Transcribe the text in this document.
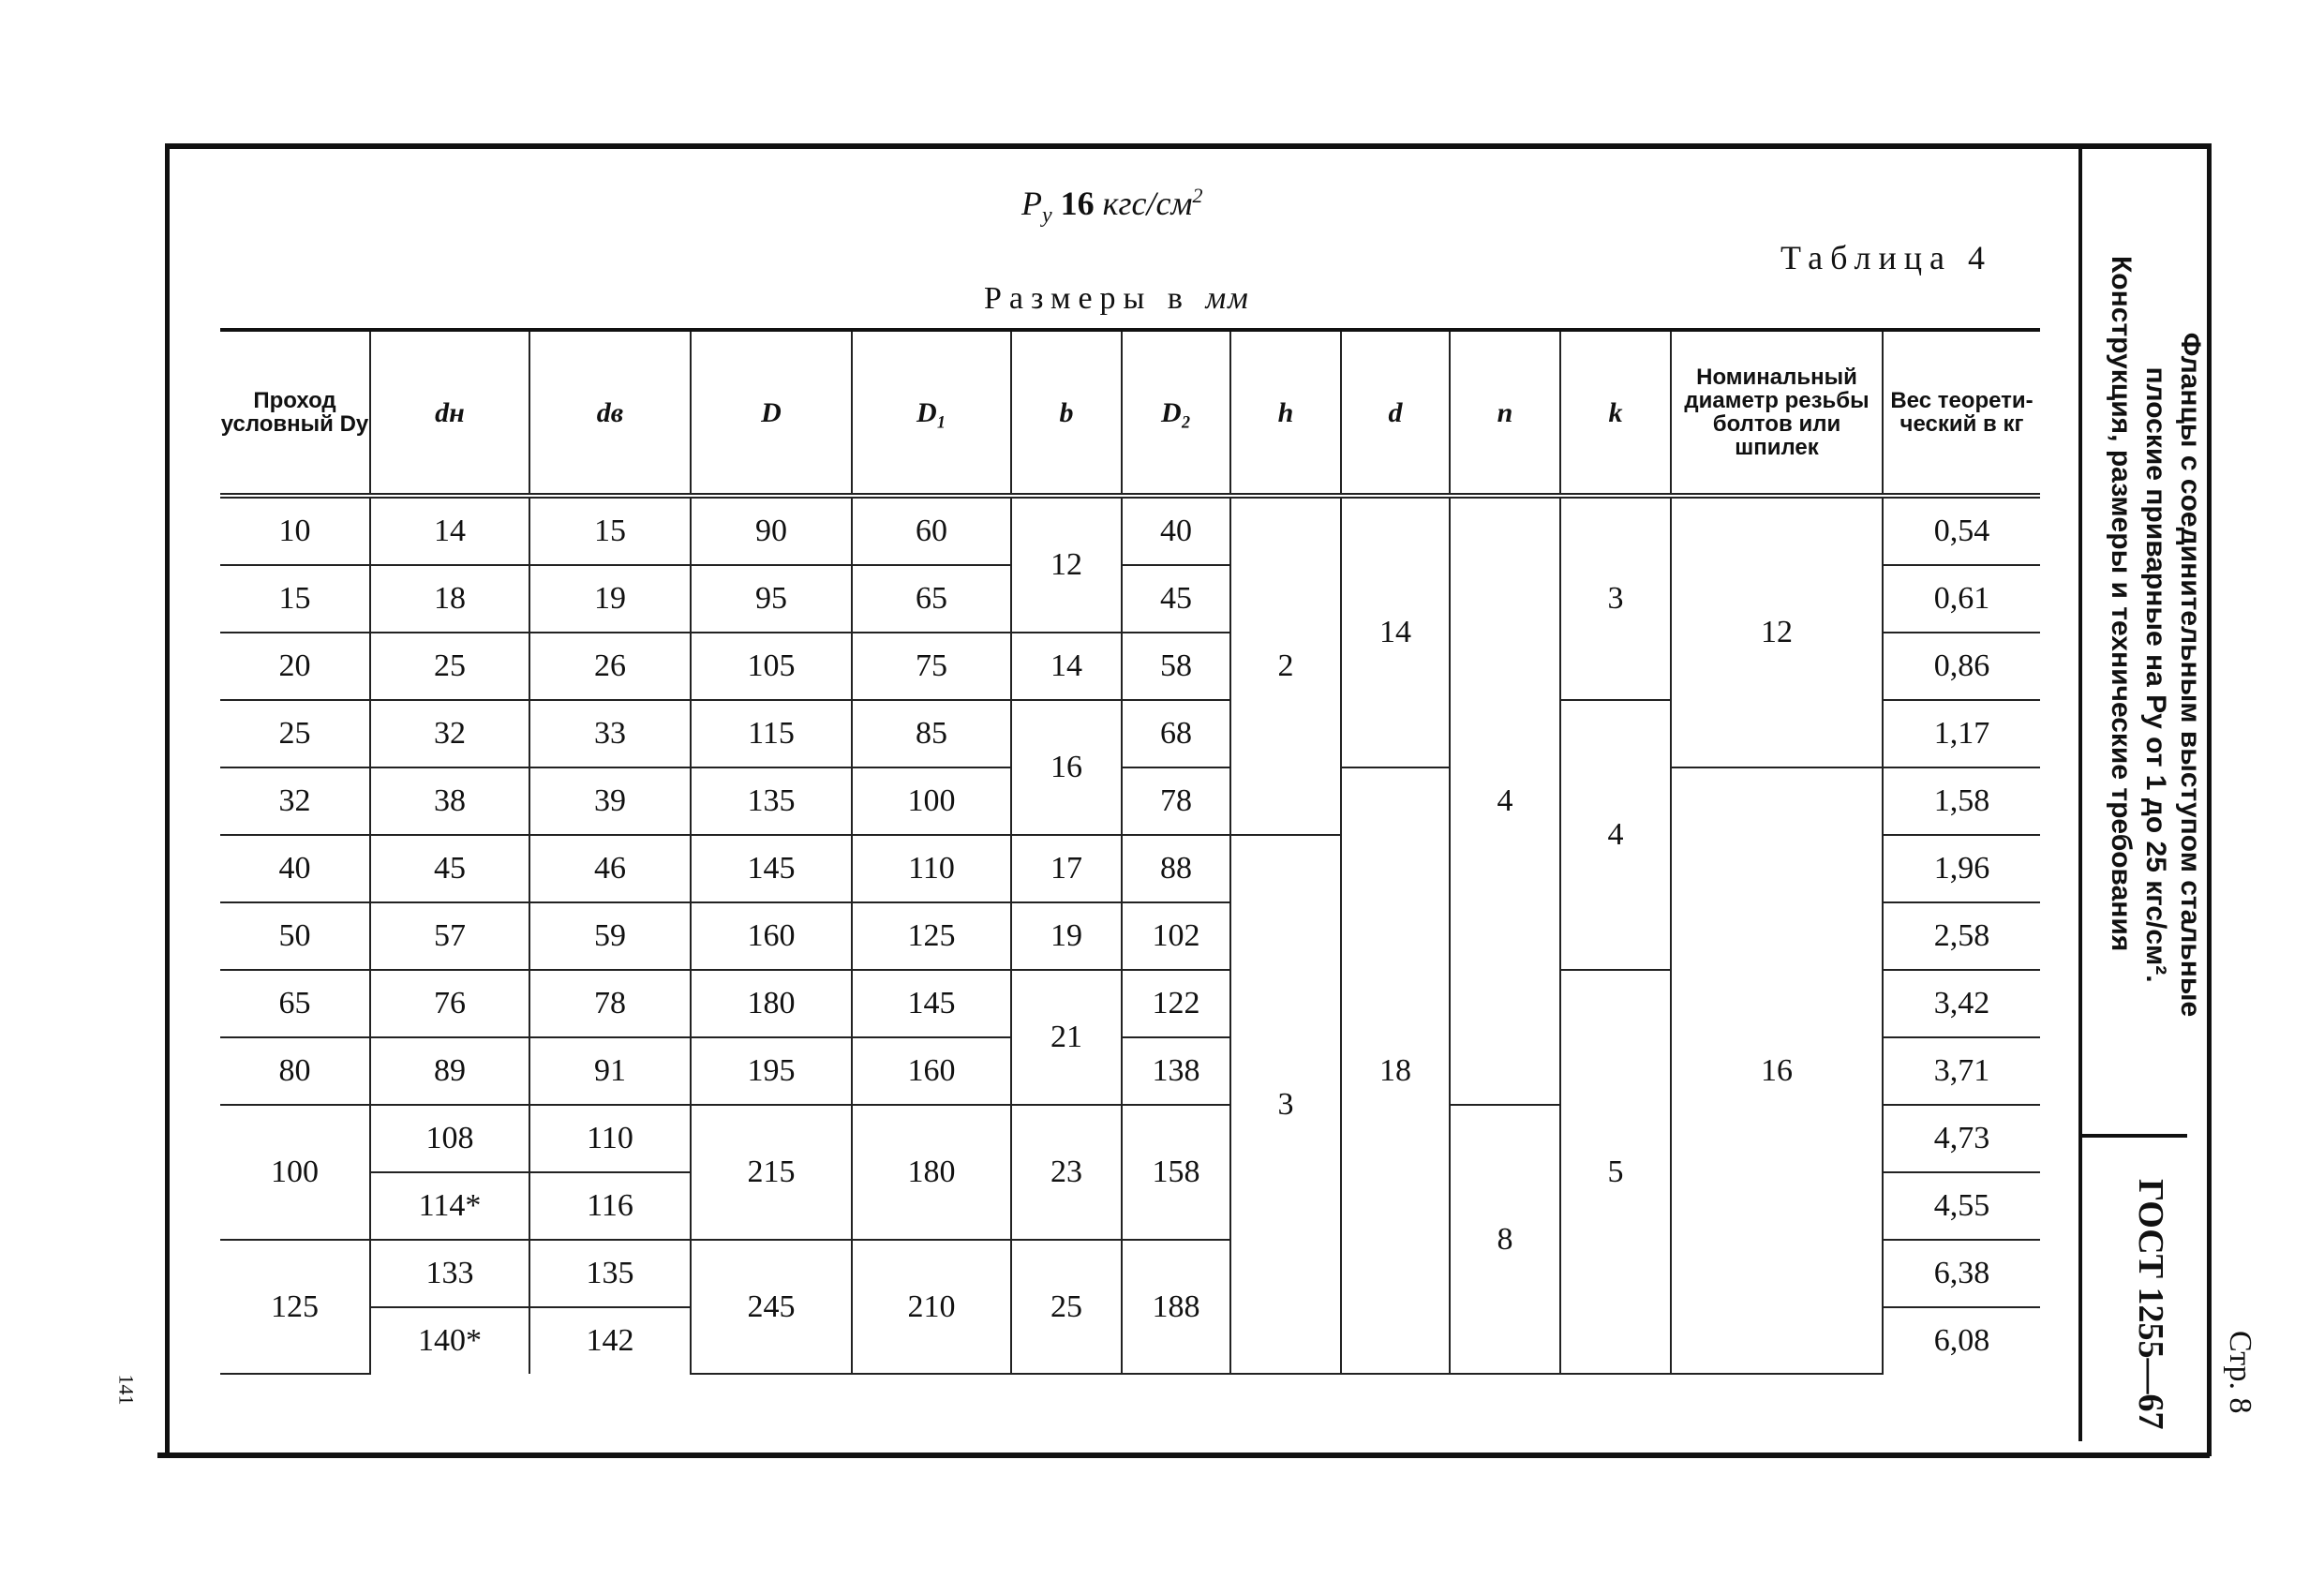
$P_у$ 16 кгс/$см^2$
Таблица 4
Размеры в мм
Фланцы с соединительным выступом стальные
плоские приварные на Pу от 1 до 25 кгс/см².
Конструкция, размеры и технические требования
ГОСТ 1255—67	Стр. 8
141
Проход условный Dу	dн	dв	D	D₁	b	D₂	h	d	n	k	Номинальный диаметр резьбы болтов или шпилек	Вес теорети-ческий в кг
10	14	15	90	60	12	40	2	14	4	3	12	0,54
15	18	19	95	65		45						0,61
20	25	26	105	75	14	58						0,86
25	32	33	115	85	16	68				4		1,17
32	38	39	135	100		78		18			16	1,58
40	45	46	145	110	17	88	3					1,96
50	57	59	160	125	19	102						2,58
65	76	78	180	145	21	122				5		3,42
80	89	91	195	160		138						3,71
100	108	110	215	180	23	158			8			4,73
	114*	116										4,55
125	133	135	245	210	25	188						6,38
	140*	142										6,08
